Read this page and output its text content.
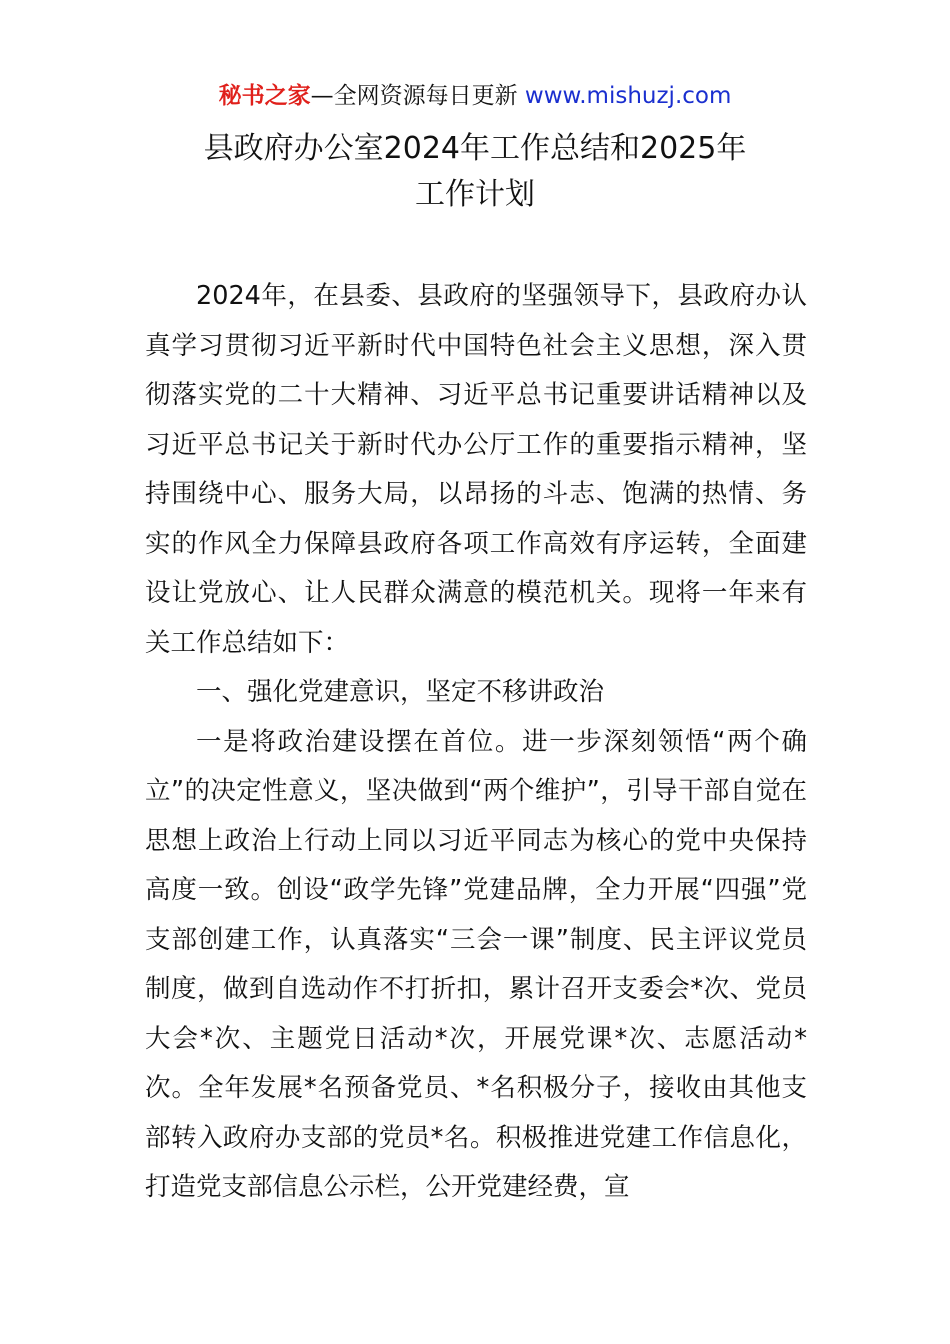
秘书之家—全网资源每日更新 www.mishuzj.com
县政府办公室2024年工作总结和2025年
工作计划

2024年，在县委、县政府的坚强领导下，县政府办认真学习贯彻习近平新时代中国特色社会主义思想，深入贯彻落实党的二十大精神、习近平总书记重要讲话精神以及习近平总书记关于新时代办公厅工作的重要指示精神，坚持围绕中心、服务大局，以昂扬的斗志、饱满的热情、务实的作风全力保障县政府各项工作高效有序运转，全面建设让党放心、让人民群众满意的模范机关。现将一年来有关工作总结如下：

一、强化党建意识，坚定不移讲政治

一是将政治建设摆在首位。进一步深刻领悟“两个确立”的决定性意义，坚决做到“两个维护”，引导干部自觉在思想上政治上行动上同以习近平同志为核心的党中央保持高度一致。创设“政学先锋”党建品牌，全力开展“四强”党支部创建工作，认真落实“三会一课”制度、民主评议党员制度，做到自选动作不打折扣，累计召开支委会*次、党员大会*次、主题党日活动*次，开展党课*次、志愿活动*次。全年发展*名预备党员、*名积极分子，接收由其他支部转入政府办支部的党员*名。积极推进党建工作信息化，打造党支部信息公示栏，公开党建经费，宣
